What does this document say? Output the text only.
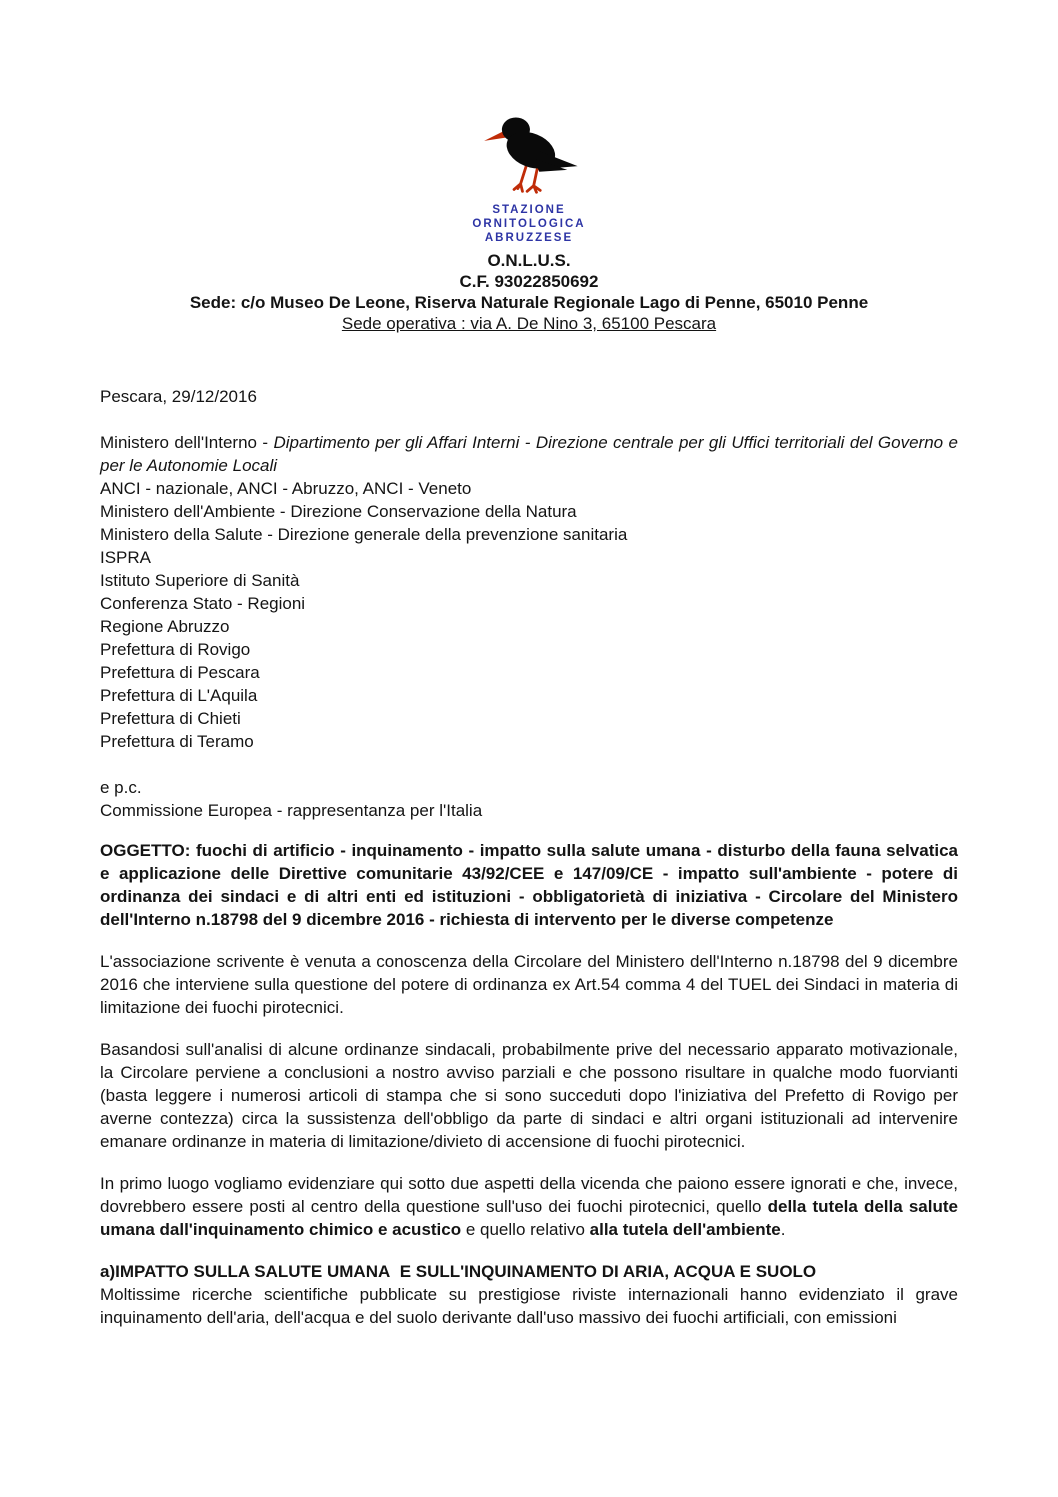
STAZIONE
ORNITOLOGICA
ABRUZZESE
O.N.L.U.S.
C.F. 93022850692
Sede: c/o Museo De Leone, Riserva Naturale Regionale Lago di Penne, 65010 Penne
Sede operativa : via A. De Nino 3, 65100 Pescara
Pescara, 29/12/2016
Ministero dell'Interno - Dipartimento per gli Affari Interni - Direzione centrale per gli Uffici territoriali del Governo e per le Autonomie Locali
ANCI - nazionale, ANCI - Abruzzo, ANCI - Veneto
Ministero dell'Ambiente - Direzione Conservazione della Natura
Ministero della Salute - Direzione generale della prevenzione sanitaria
ISPRA
Istituto Superiore di Sanità
Conferenza Stato - Regioni
Regione Abruzzo
Prefettura di Rovigo
Prefettura di Pescara
Prefettura di L'Aquila
Prefettura di Chieti
Prefettura di Teramo
e p.c.
Commissione Europea - rappresentanza per l'Italia
OGGETTO: fuochi di artificio - inquinamento - impatto sulla salute umana - disturbo della fauna selvatica e applicazione delle Direttive comunitarie 43/92/CEE e 147/09/CE - impatto sull'ambiente - potere di ordinanza dei sindaci e di altri enti ed istituzioni - obbligatorietà di iniziativa - Circolare del Ministero dell'Interno n.18798 del 9 dicembre 2016 - richiesta di intervento per le diverse competenze
L'associazione scrivente è venuta a conoscenza della Circolare del Ministero dell'Interno n.18798 del 9 dicembre 2016 che interviene sulla questione del potere di ordinanza ex Art.54 comma 4 del TUEL dei Sindaci in materia di limitazione dei fuochi pirotecnici.
Basandosi sull'analisi di alcune ordinanze sindacali, probabilmente prive del necessario apparato motivazionale, la Circolare perviene a conclusioni a nostro avviso parziali e che possono risultare in qualche modo fuorvianti (basta leggere i numerosi articoli di stampa che si sono succeduti dopo l'iniziativa del Prefetto di Rovigo per averne contezza) circa la sussistenza dell'obbligo da parte di sindaci e altri organi istituzionali ad intervenire emanare ordinanze in materia di limitazione/divieto di accensione di fuochi pirotecnici.
In primo luogo vogliamo evidenziare qui sotto due aspetti della vicenda che paiono essere ignorati e che, invece, dovrebbero essere posti al centro della questione sull'uso dei fuochi pirotecnici, quello della tutela della salute umana dall'inquinamento chimico e acustico e quello relativo alla tutela dell'ambiente.
a)IMPATTO SULLA SALUTE UMANA  E SULL'INQUINAMENTO DI ARIA, ACQUA E SUOLO
Moltissime ricerche scientifiche pubblicate su prestigiose riviste internazionali hanno evidenziato il grave inquinamento dell'aria, dell'acqua e del suolo derivante dall'uso massivo dei fuochi artificiali, con emissioni
